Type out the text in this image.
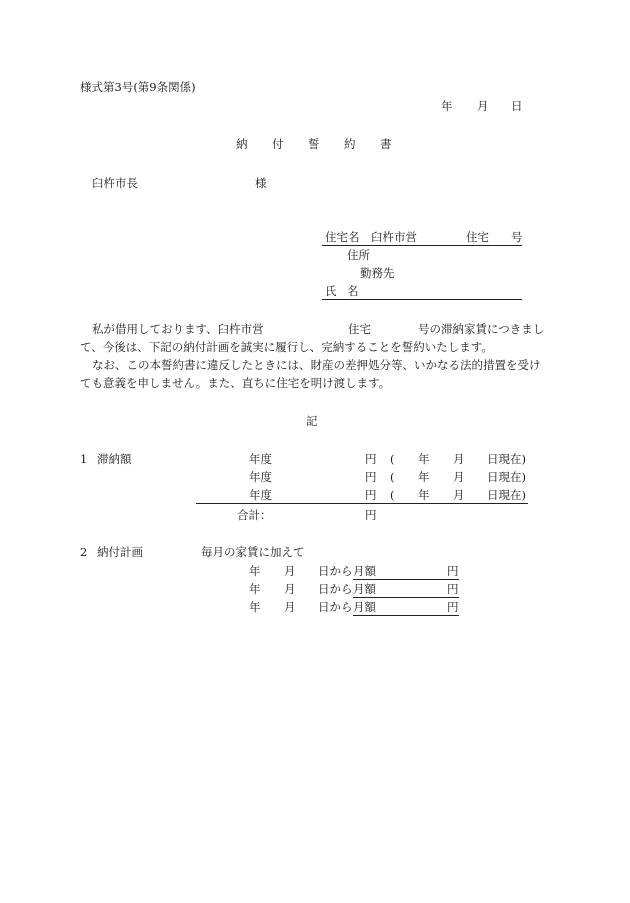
様式第3号(第9条関係)
年 月 日
納 付 誓 約 書
臼杵市長	様
住宅名 臼杵市営	住宅 号
住所
勤務先
氏 名
私が借用しております、臼杵市営	住宅	号の滞納家賃につきまし
て、今後は、下記の納付計画を誠実に履行し、完納することを誓約いたします。
なお、この本誓約書に違反したときには、財産の差押処分等、いかなる法的措置を受け
ても意義を申しません。また、直ちに住宅を明け渡します。
記
1 滞納額	年度	円 ( 年 月 日現在)
年度	円 ( 年 月 日現在)
年度	円 ( 年 月 日現在)
合計：	円
2 納付計画	毎月の家賃に加えて
年 月 日から 月額	円
年 月 日から 月額	円
年 月 日から 月額	円
